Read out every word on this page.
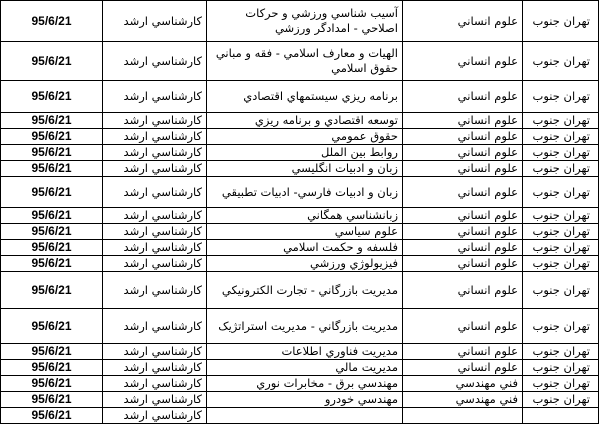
95/6/21	کارشناسي ارشد	آسيب شناسي ورزشي و حركات اصلاحي - امدادگر ورزشي	علوم انساني	تهران جنوب
95/6/21	کارشناسي ارشد	الهيات و معارف اسلامي - فقه و مباني حقوق اسلامي	علوم انساني	تهران جنوب
95/6/21	کارشناسي ارشد	برنامه ريزي سيستمهاي اقتصادي	علوم انساني	تهران جنوب
95/6/21	کارشناسي ارشد	توسعه اقتصادي و برنامه ريزي	علوم انساني	تهران جنوب
95/6/21	کارشناسي ارشد	حقوق عمومي	علوم انساني	تهران جنوب
95/6/21	کارشناسي ارشد	روابط بين الملل	علوم انساني	تهران جنوب
95/6/21	کارشناسي ارشد	زبان و ادبيات انگليسي	علوم انساني	تهران جنوب
95/6/21	کارشناسي ارشد	زبان و ادبيات فارسي- ادبيات تطبيقي	علوم انساني	تهران جنوب
95/6/21	کارشناسي ارشد	زبانشناسي همگاني	علوم انساني	تهران جنوب
95/6/21	کارشناسي ارشد	علوم سياسي	علوم انساني	تهران جنوب
95/6/21	کارشناسي ارشد	فلسفه و حكمت اسلامي	علوم انساني	تهران جنوب
95/6/21	کارشناسي ارشد	فيزيولوژي ورزشي	علوم انساني	تهران جنوب
95/6/21	کارشناسي ارشد	مديريت بازرگاني - تجارت الكترونيكي	علوم انساني	تهران جنوب
95/6/21	کارشناسي ارشد	مديريت بازرگاني - مديريت استراتژيک	علوم انساني	تهران جنوب
95/6/21	کارشناسي ارشد	مديريت فناوري اطلاعات	علوم انساني	تهران جنوب
95/6/21	کارشناسي ارشد	مديريت مالي	علوم انساني	تهران جنوب
95/6/21	کارشناسي ارشد	مهندسي برق - مخابرات نوري	فني مهندسي	تهران جنوب
95/6/21	کارشناسي ارشد	مهندسي خودرو	فني مهندسي	تهران جنوب
95/6/21	کارشناسي ارشد			
